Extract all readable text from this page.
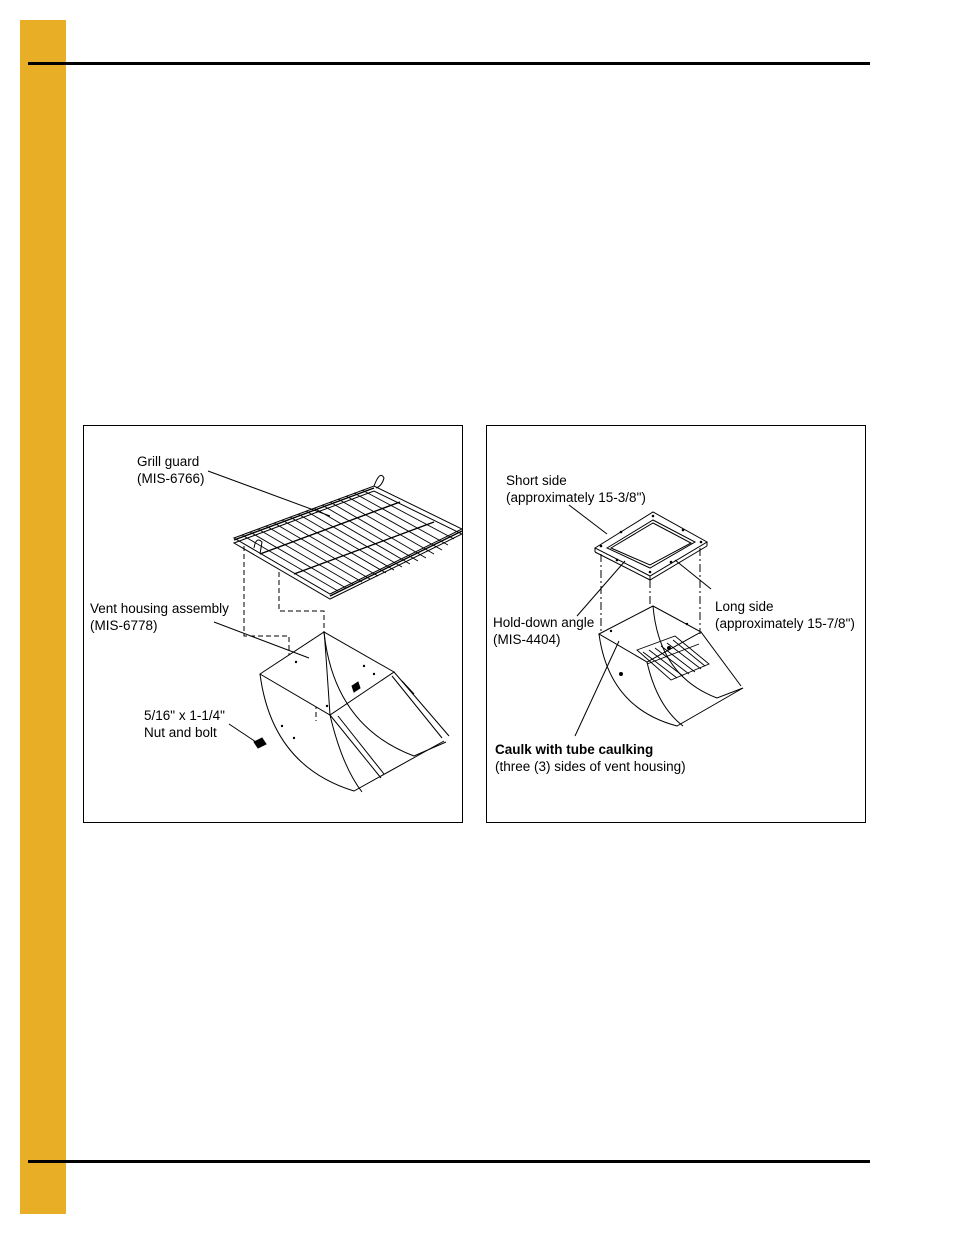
Grill guard
(MIS-6766)
Vent housing assembly
(MIS-6778)
5/16" x 1-1/4"
Nut and bolt
Short side
(approximately 15-3/8")
Long side
(approximately 15-7/8")
Hold-down angle
(MIS-4404)
Caulk with tube caulking
(three (3) sides of vent housing)
